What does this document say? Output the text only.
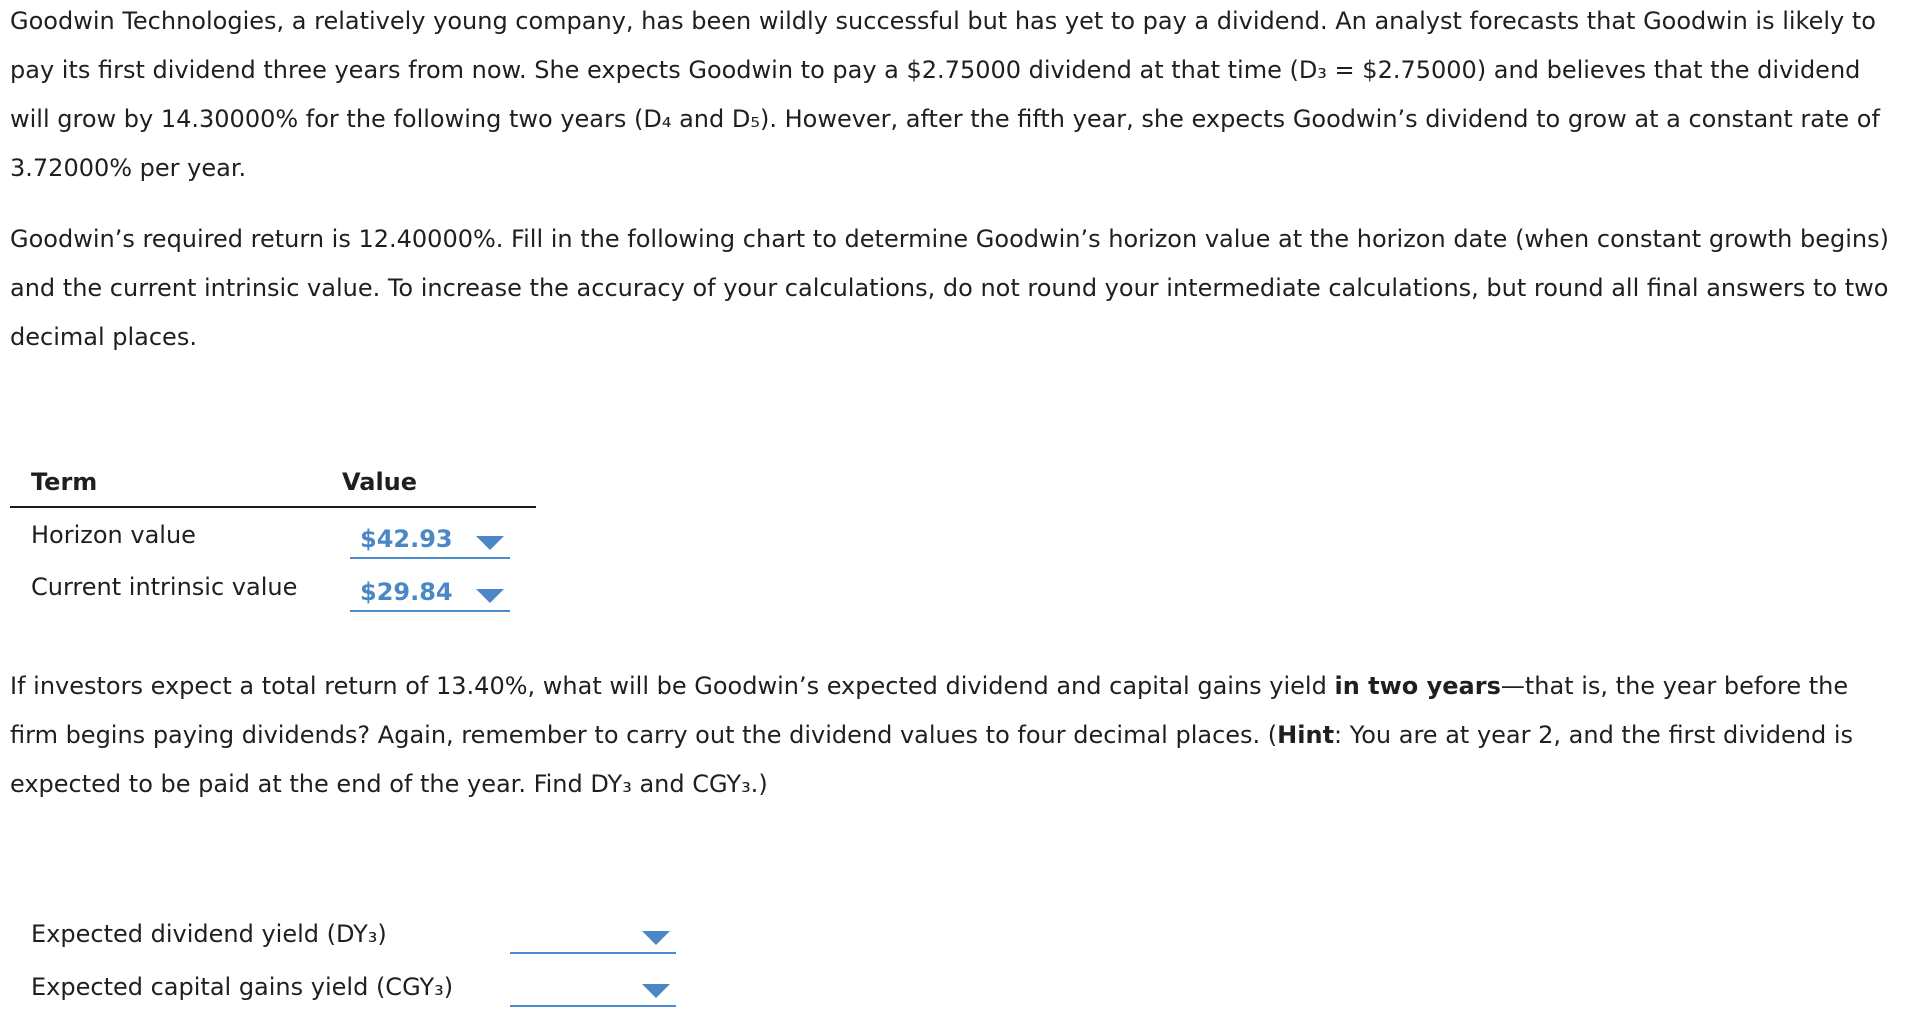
Goodwin Technologies, a relatively young company, has been wildly successful but has yet to pay a dividend. An analyst forecasts that Goodwin is likely to pay its first dividend three years from now. She expects Goodwin to pay a $2.75000 dividend at that time (D₃ = $2.75000) and believes that the dividend will grow by 14.30000% for the following two years (D₄ and D₅). However, after the fifth year, she expects Goodwin’s dividend to grow at a constant rate of 3.72000% per year.

Goodwin’s required return is 12.40000%. Fill in the following chart to determine Goodwin’s horizon value at the horizon date (when constant growth begins) and the current intrinsic value. To increase the accuracy of your calculations, do not round your intermediate calculations, but round all final answers to two decimal places.

Term	Value
Horizon value	$42.93
Current intrinsic value	$29.84

If investors expect a total return of 13.40%, what will be Goodwin’s expected dividend and capital gains yield in two years—that is, the year before the firm begins paying dividends? Again, remember to carry out the dividend values to four decimal places. (Hint: You are at year 2, and the first dividend is expected to be paid at the end of the year. Find DY₃ and CGY₃.)

Expected dividend yield (DY₃)
Expected capital gains yield (CGY₃)
